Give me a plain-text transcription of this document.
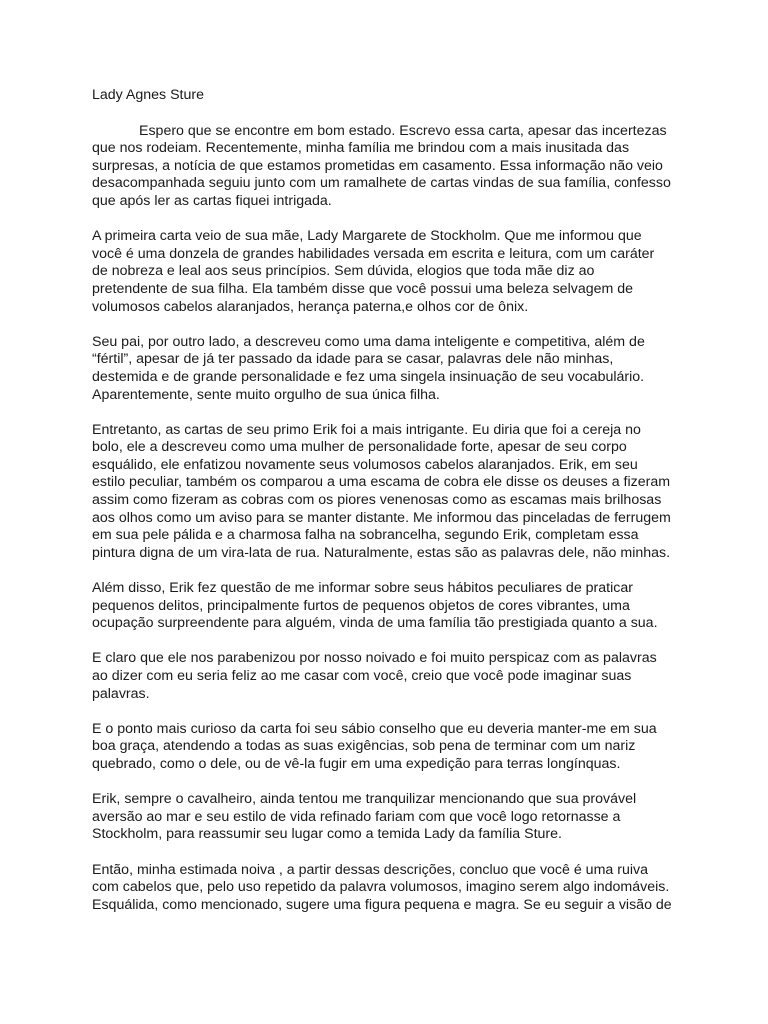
Lady Agnes Sture

Espero que se encontre em bom estado. Escrevo essa carta, apesar das incertezas que nos rodeiam. Recentemente, minha família me brindou com a mais inusitada das surpresas, a notícia de que estamos prometidas em casamento. Essa informação não veio desacompanhada seguiu junto com um ramalhete de cartas vindas de sua família, confesso que após ler as cartas fiquei intrigada.

A primeira carta veio de sua mãe, Lady Margarete de Stockholm. Que me informou que você é uma donzela de grandes habilidades versada em escrita e leitura, com um caráter de nobreza e leal aos seus princípios. Sem dúvida, elogios que toda mãe diz ao pretendente de sua filha. Ela também disse que você possui uma beleza selvagem de volumosos cabelos alaranjados, herança paterna,e olhos cor de ônix.

Seu pai, por outro lado, a descreveu como uma dama inteligente e competitiva, além de “fértil”, apesar de já ter passado da idade para se casar, palavras dele não minhas, destemida e de grande personalidade e fez uma singela insinuação de seu vocabulário. Aparentemente, sente muito orgulho de sua única filha.

Entretanto, as cartas de seu primo Erik foi a mais intrigante. Eu diria que foi a cereja no bolo, ele a descreveu como uma mulher de personalidade forte, apesar de seu corpo esquálido, ele enfatizou novamente seus volumosos cabelos alaranjados. Erik, em seu estilo peculiar, também os comparou a uma escama de cobra ele disse os deuses a fizeram assim como fizeram as cobras com os piores venenosas como as escamas mais brilhosas aos olhos como um aviso para se manter distante. Me informou das pinceladas de ferrugem em sua pele pálida e a charmosa falha na sobrancelha, segundo Erik, completam essa pintura digna de um vira-lata de rua. Naturalmente, estas são as palavras dele, não minhas.

Além disso, Erik fez questão de me informar sobre seus hábitos peculiares de praticar pequenos delitos, principalmente furtos de pequenos objetos de cores vibrantes, uma ocupação surpreendente para alguém, vinda de uma família tão prestigiada quanto a sua.

E claro que ele nos parabenizou por nosso noivado e foi muito perspicaz com as palavras ao dizer com eu seria feliz ao me casar com você, creio que você pode imaginar suas palavras.

E o ponto mais curioso da carta foi seu sábio conselho que eu deveria manter-me em sua boa graça, atendendo a todas as suas exigências, sob pena de terminar com um nariz quebrado, como o dele, ou de vê-la fugir em uma expedição para terras longínquas.

Erik, sempre o cavalheiro, ainda tentou me tranquilizar mencionando que sua provável aversão ao mar e seu estilo de vida refinado fariam com que você logo retornasse a Stockholm, para reassumir seu lugar como a temida Lady da família Sture.

Então, minha estimada noiva , a partir dessas descrições, concluo que você é uma ruiva com cabelos que, pelo uso repetido da palavra volumosos, imagino serem algo indomáveis. Esquálida, como mencionado, sugere uma figura pequena e magra. Se eu seguir a visão de
